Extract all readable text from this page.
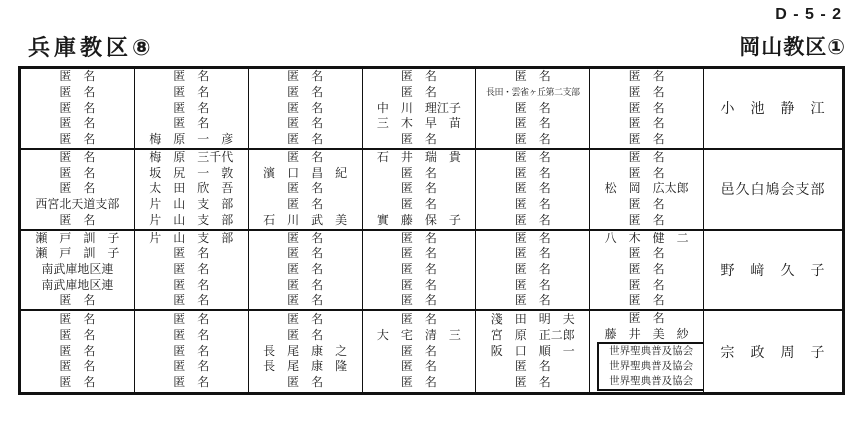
D - 5 - 2
兵庫教区⑧	岡山教区①
匿　名
匿　名
匿　名
匿　名
匿　名
匿　名
匿　名
匿　名
匿　名
梅　原　一　彦
匿　名
匿　名
匿　名
匿　名
匿　名
匿　名
匿　名
中　川　理江子
三　木　早　苗
匿　名
匿　名
長田・雲雀ヶ丘第二支部
匿　名
匿　名
匿　名
匿　名
匿　名
匿　名
匿　名
匿　名
小　池　静　江
匿　名
匿　名
匿　名
西宮北天道支部
匿　名
梅　原　三千代
坂　尻　一　敦
太　田　欣　吾
片　山　支　部
片　山　支　部
匿　名
濱　口　昌　紀
匿　名
匿　名
石　川　武　美
石　井　瑞　貴
匿　名
匿　名
匿　名
實　藤　保　子
匿　名
匿　名
匿　名
匿　名
匿　名
匿　名
匿　名
松　岡　広太郎
匿　名
匿　名
邑久白鳩会支部
瀬　戸　訓　子
瀬　戸　訓　子
南武庫地区連
南武庫地区連
匿　名
片　山　支　部
匿　名
匿　名
匿　名
匿　名
匿　名
匿　名
匿　名
匿　名
匿　名
匿　名
匿　名
匿　名
匿　名
匿　名
匿　名
匿　名
匿　名
匿　名
匿　名
八　木　健　二
匿　名
匿　名
匿　名
匿　名
野　﨑　久　子
匿　名
匿　名
匿　名
匿　名
匿　名
匿　名
匿　名
匿　名
匿　名
匿　名
匿　名
匿　名
長　尾　康　之
長　尾　康　隆
匿　名
匿　名
大　宅　清　三
匿　名
匿　名
匿　名
淺　田　明　夫
宮　原　正二郎
阪　口　順　一
匿　名
匿　名
匿　名
藤　井　美　紗
世界聖典普及協会
世界聖典普及協会
世界聖典普及協会
宗　政　周　子
